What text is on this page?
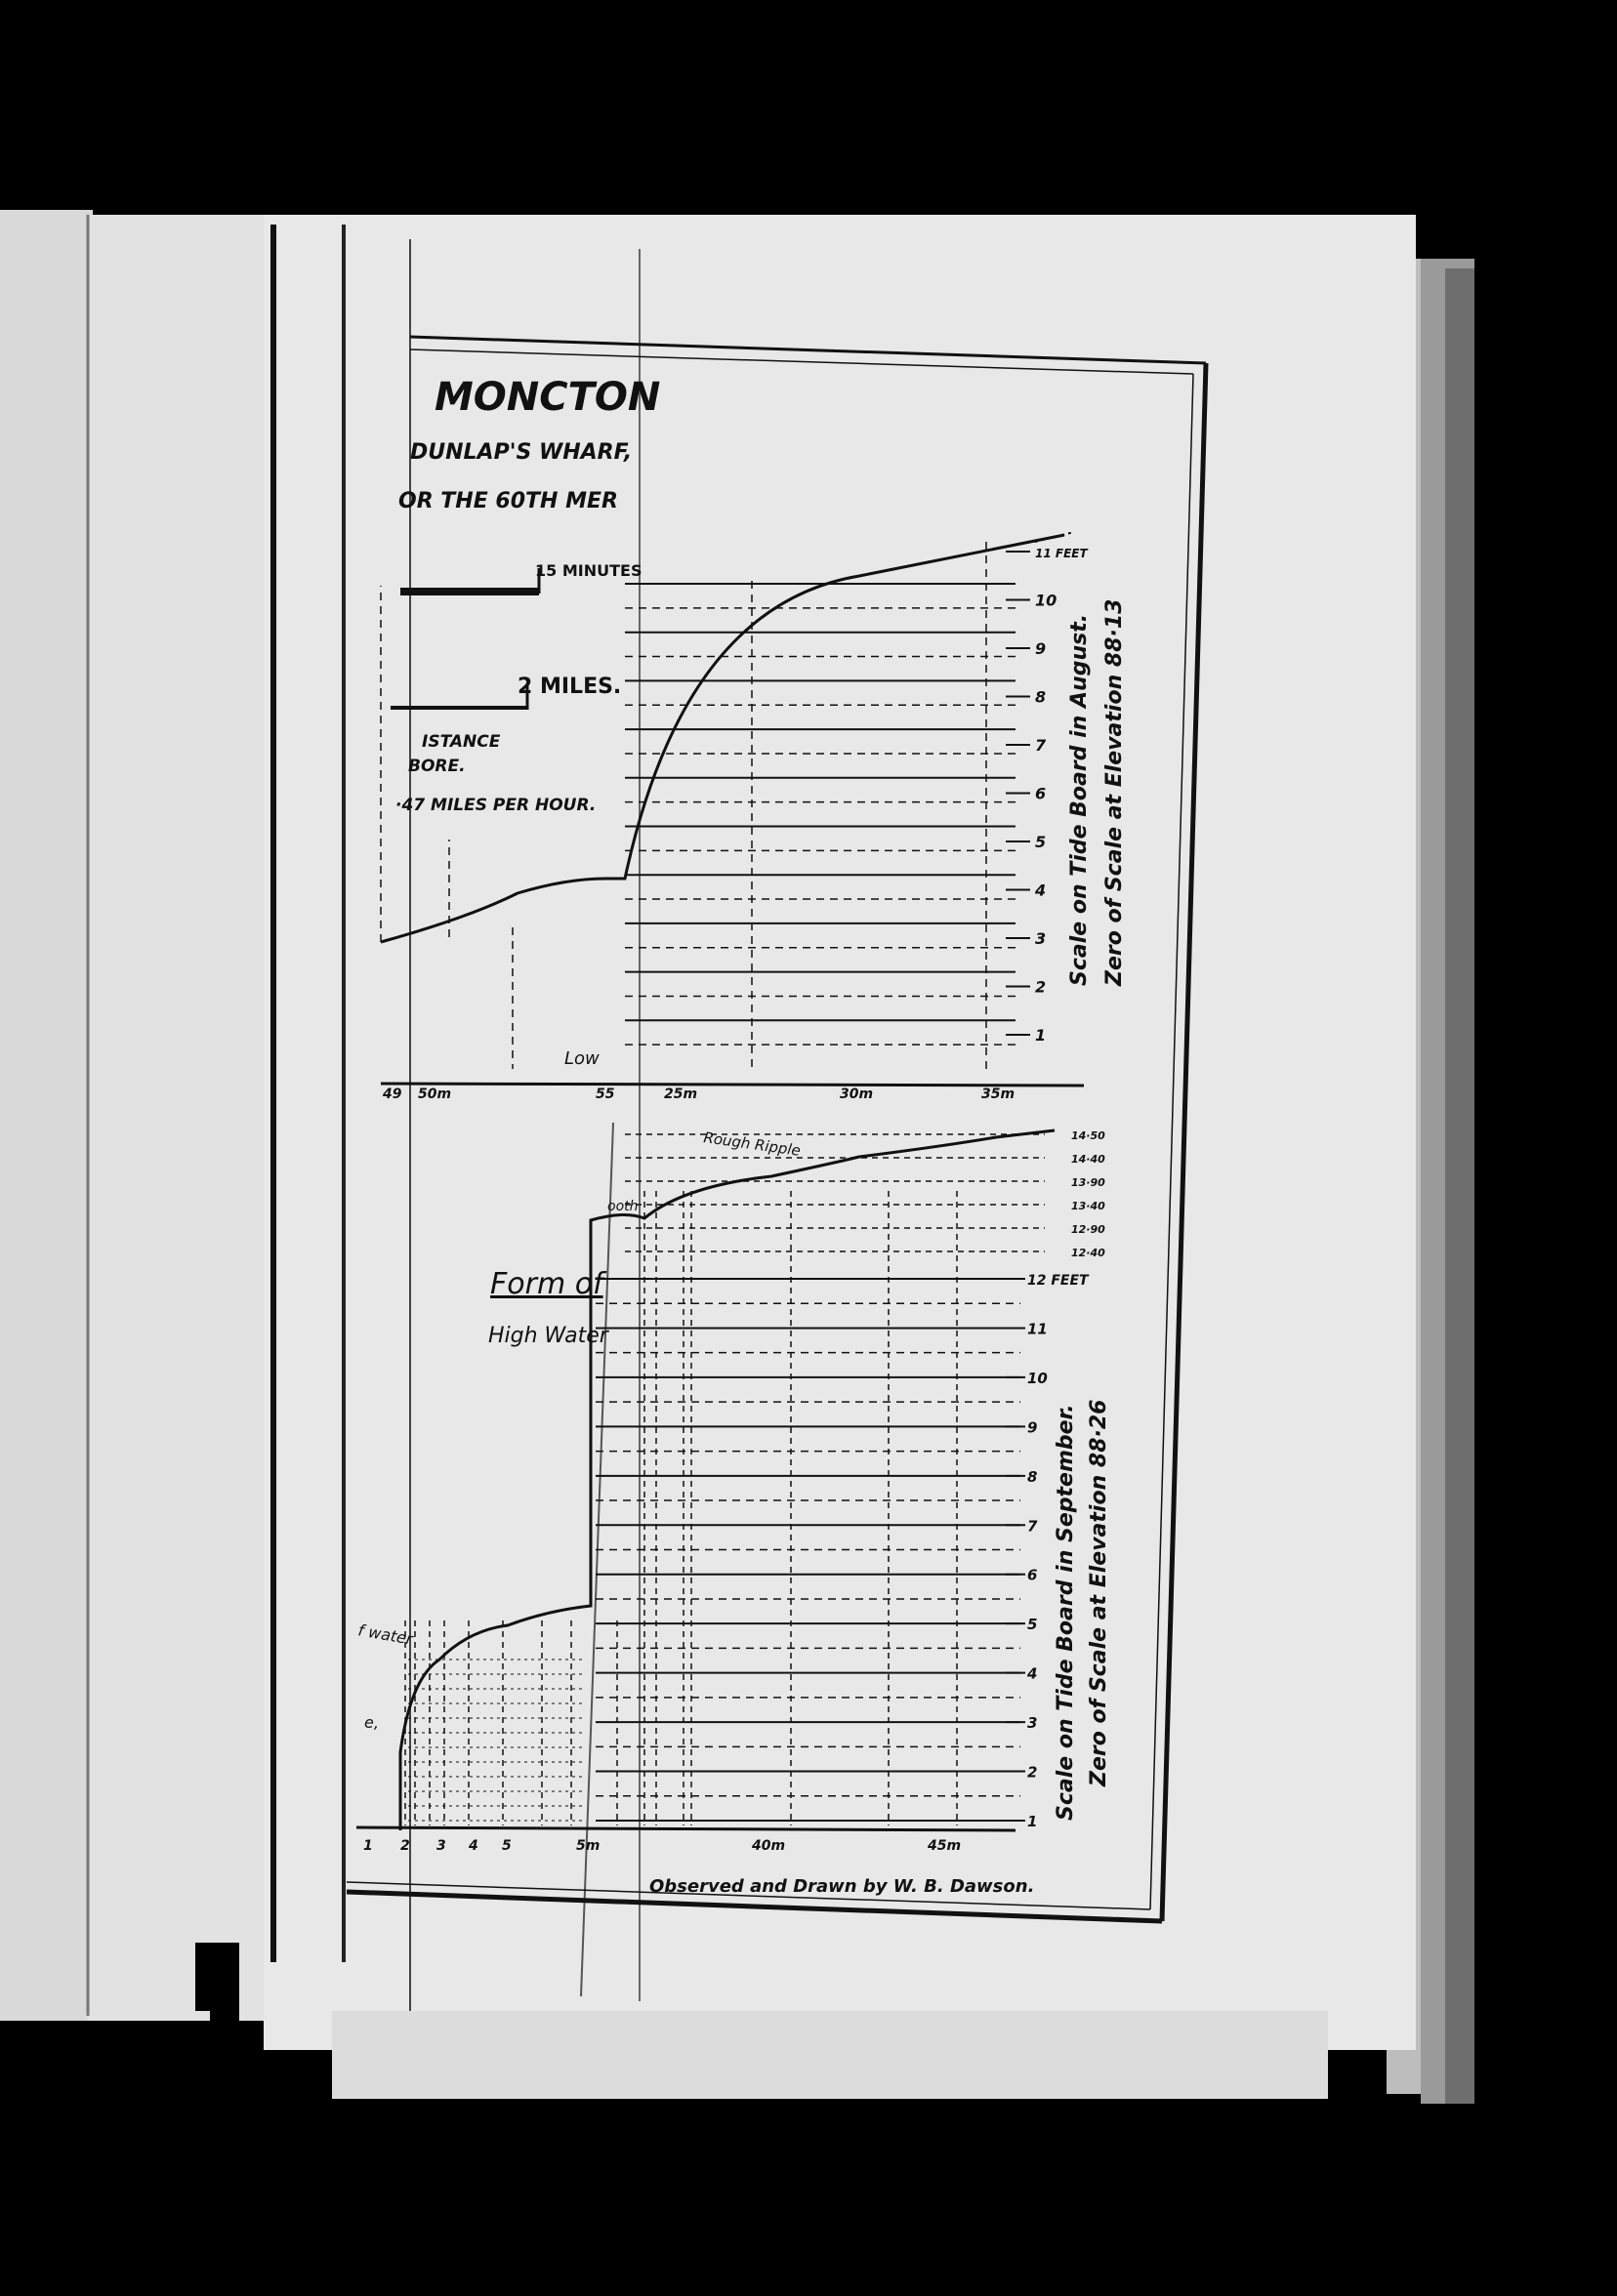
MONCTON
DUNLAP'S WHARF,
OR THE 60TH MER
15 MINUTES
2 MILES.
ISTANCE
BORE.
·47 MILES PER HOUR.
11 FEET
10
9
8
7
6
5
4
3
2
1
49 50m	55	25m	30m	35m
Low
Scale on Tide Board in August. Zero of Scale at Elevation 88·13
14·50
14·40
13·90
13·40
12·90
12·40
12 FEET
11
10
9
8
7
6
5
4
3
2
1
1 2 3 4 5	5m	40m	45m
Rough Ripple
ooth
Form of
High Water
f water
e,	Scale on Tide Board in September. Zero of Scale at Elevation 88·26
Observed and Drawn by W. B. Dawson.
